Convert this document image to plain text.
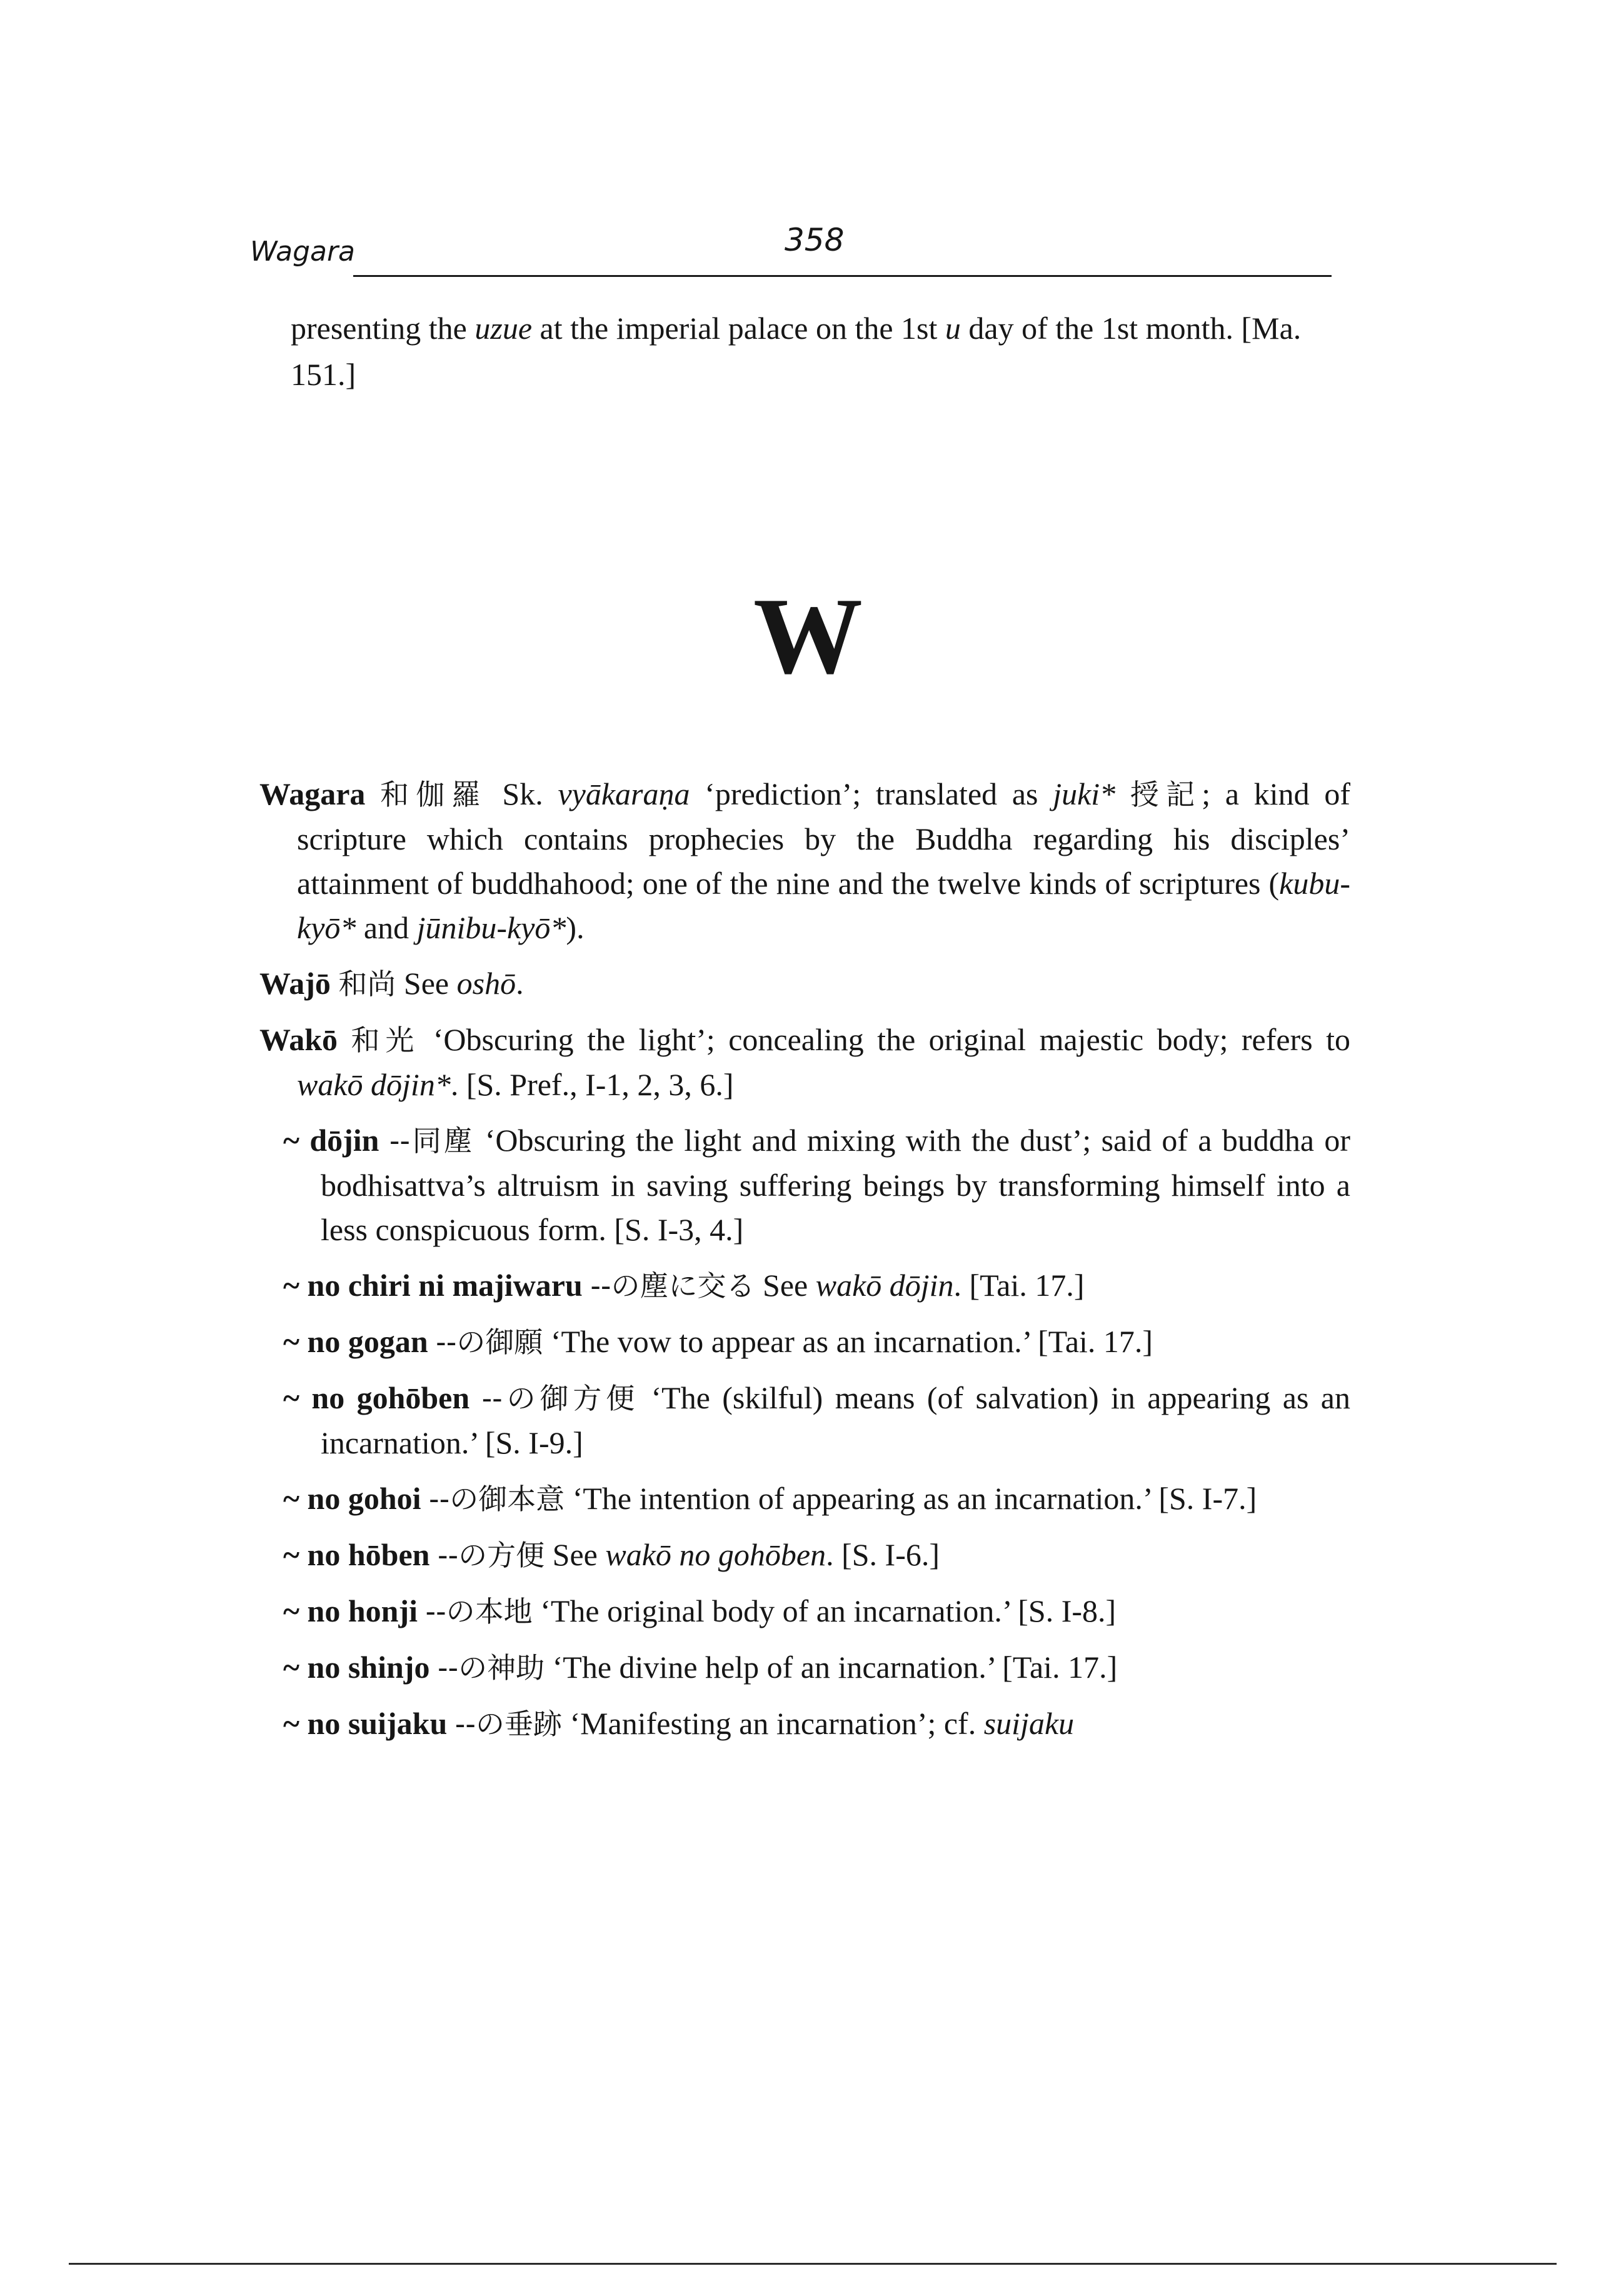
Wagara	358

presenting the uzue at the imperial palace on the 1st u day of the 1st month. [Ma. 151.]

W

Wagara 和伽羅 Sk. vyākaraṇa ‘prediction’; translated as juki* 授記; a kind of scripture which contains prophecies by the Buddha regarding his disciples’ attainment of buddhahood; one of the nine and the twelve kinds of scriptures (kubu-kyō* and jūnibu-kyō*).

Wajō 和尚 See oshō.

Wakō 和光 ‘Obscuring the light’; concealing the original majestic body; refers to wakō dōjin*. [S. Pref., I-1, 2, 3, 6.]

~ dōjin --同塵 ‘Obscuring the light and mixing with the dust’; said of a buddha or bodhisattva’s altruism in saving suffering beings by transforming himself into a less conspicuous form. [S. I-3, 4.]

~ no chiri ni majiwaru --の塵に交る See wakō dōjin. [Tai. 17.]

~ no gogan --の御願 ‘The vow to appear as an incarnation.’ [Tai. 17.]

~ no gohōben --の御方便 ‘The (skilful) means (of salvation) in appearing as an incarnation.’ [S. I-9.]

~ no gohoi --の御本意 ‘The intention of appearing as an incarnation.’ [S. I-7.]

~ no hōben --の方便 See wakō no gohōben. [S. I-6.]

~ no honji --の本地 ‘The original body of an incarnation.’ [S. I-8.]

~ no shinjo --の神助 ‘The divine help of an incarnation.’ [Tai. 17.]

~ no suijaku --の垂跡 ‘Manifesting an incarnation’; cf. suijaku
